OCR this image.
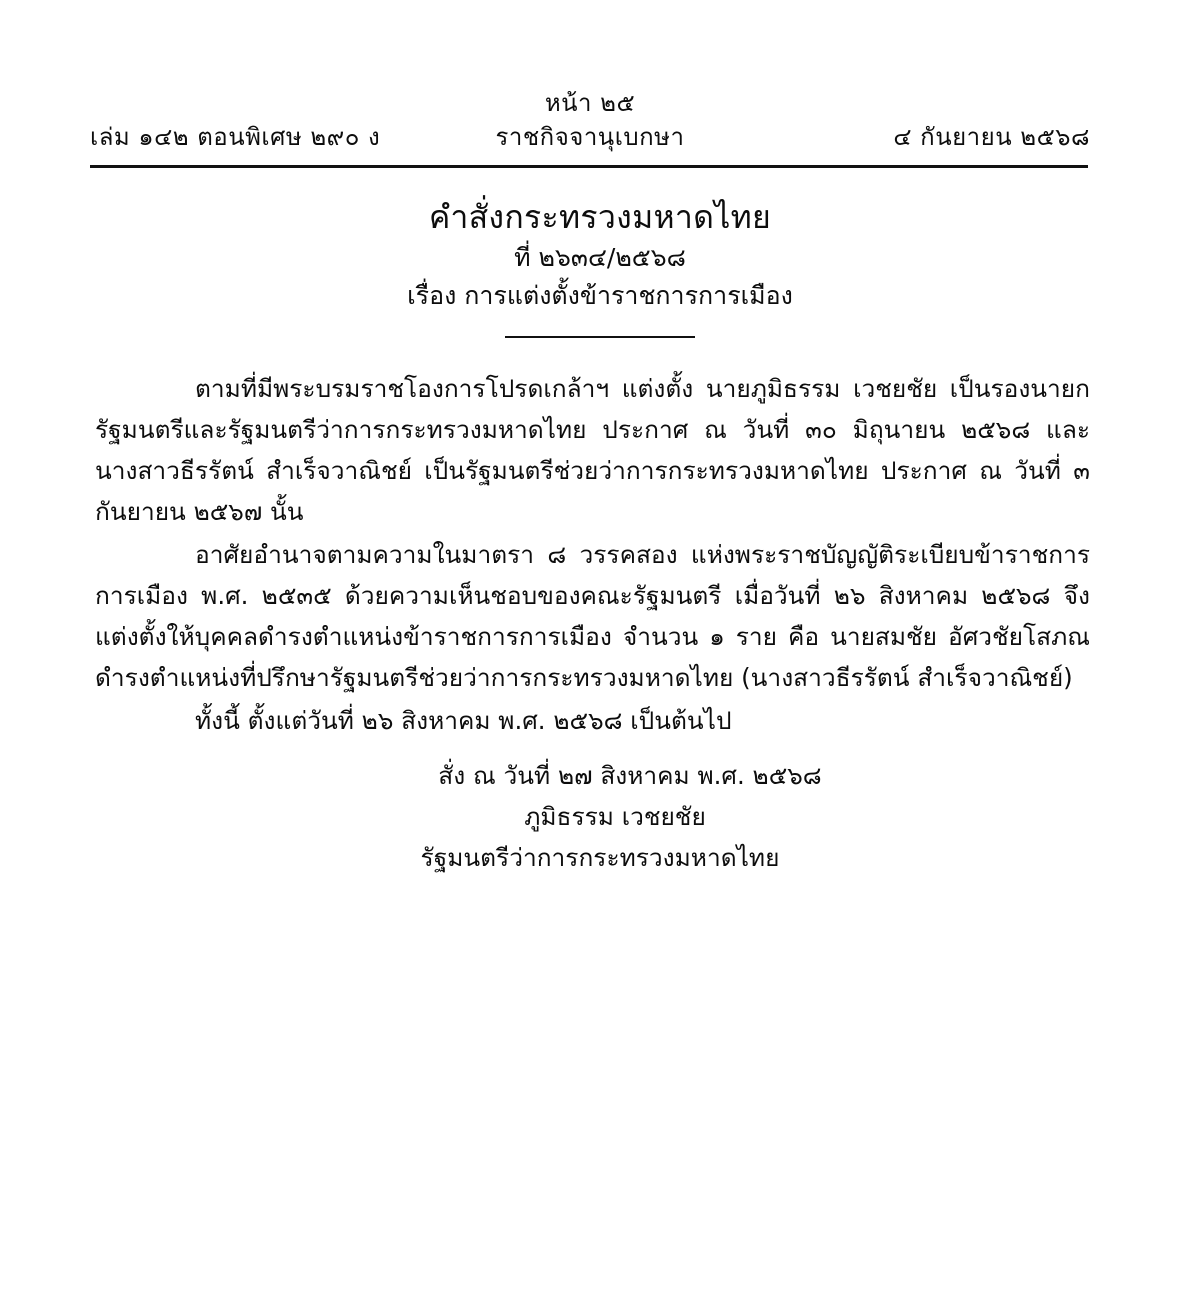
หน้า ๒๕
เล่ม ๑๔๒ ตอนพิเศษ ๒๙๐ ง	ราชกิจจานุเบกษา	๔ กันยายน ๒๕๖๘
คำสั่งกระทรวงมหาดไทย
ที่ ๒๖๓๔/๒๕๖๘
เรื่อง การแต่งตั้งข้าราชการการเมือง

ตามที่มีพระบรมราชโองการโปรดเกล้าฯ แต่งตั้ง นายภูมิธรรม เวชยชัย เป็นรองนายกรัฐมนตรีและรัฐมนตรีว่าการกระทรวงมหาดไทย ประกาศ ณ วันที่ ๓๐ มิถุนายน ๒๕๖๘ และนางสาวธีรรัตน์ สำเร็จวาณิชย์ เป็นรัฐมนตรีช่วยว่าการกระทรวงมหาดไทย ประกาศ ณ วันที่ ๓ กันยายน ๒๕๖๗ นั้น

อาศัยอำนาจตามความในมาตรา ๘ วรรคสอง แห่งพระราชบัญญัติระเบียบข้าราชการการเมือง พ.ศ. ๒๕๓๕ ด้วยความเห็นชอบของคณะรัฐมนตรี เมื่อวันที่ ๒๖ สิงหาคม ๒๕๖๘ จึงแต่งตั้งให้บุคคลดำรงตำแหน่งข้าราชการการเมือง จำนวน ๑ ราย คือ นายสมชัย อัศวชัยโสภณ ดำรงตำแหน่งที่ปรึกษารัฐมนตรีช่วยว่าการกระทรวงมหาดไทย (นางสาวธีรรัตน์ สำเร็จวาณิชย์)

ทั้งนี้ ตั้งแต่วันที่ ๒๖ สิงหาคม พ.ศ. ๒๕๖๘ เป็นต้นไป

สั่ง ณ วันที่ ๒๗ สิงหาคม พ.ศ. ๒๕๖๘
ภูมิธรรม เวชยชัย
รัฐมนตรีว่าการกระทรวงมหาดไทย
